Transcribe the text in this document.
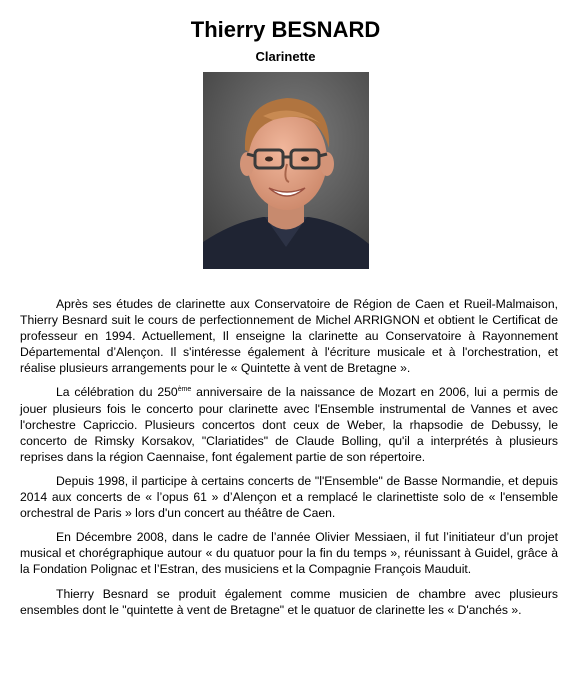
Thierry BESNARD
Clarinette

Après ses études de clarinette aux Conservatoire de Région de Caen et Rueil-Malmaison, Thierry Besnard suit le cours de perfectionnement de Michel ARRIGNON et obtient le Certificat de professeur en 1994. Actuellement, Il enseigne la clarinette au Conservatoire à Rayonnement Départemental d’Alençon. Il s'intéresse également à l'écriture musicale et à l'orchestration, et réalise plusieurs arrangements pour le « Quintette à vent de Bretagne ».

La célébration du 250ème anniversaire de la naissance de Mozart en 2006, lui a permis de jouer plusieurs fois le concerto pour clarinette avec l'Ensemble instrumental de Vannes et avec l'orchestre Capriccio. Plusieurs concertos dont ceux de Weber, la rhapsodie de Debussy, le concerto de Rimsky Korsakov, "Clariatides" de Claude Bolling, qu'il a interprétés à plusieurs reprises dans la région Caennaise, font également partie de son répertoire.

Depuis 1998, il participe à certains concerts de "l'Ensemble" de Basse Normandie, et depuis 2014 aux concerts de « l’opus 61 » d’Alençon et a remplacé le clarinettiste solo de « l'ensemble orchestral de Paris » lors d'un concert au théâtre de Caen.

En Décembre 2008, dans le cadre de l’année Olivier Messiaen, il fut l’initiateur d’un projet musical et chorégraphique autour « du quatuor pour la fin du temps », réunissant à Guidel, grâce à la Fondation Polignac et l’Estran, des musiciens et la Compagnie François Mauduit.

Thierry Besnard se produit également comme musicien de chambre avec plusieurs ensembles dont le "quintette à vent de Bretagne" et le quatuor de clarinette les « D'anchés ».
